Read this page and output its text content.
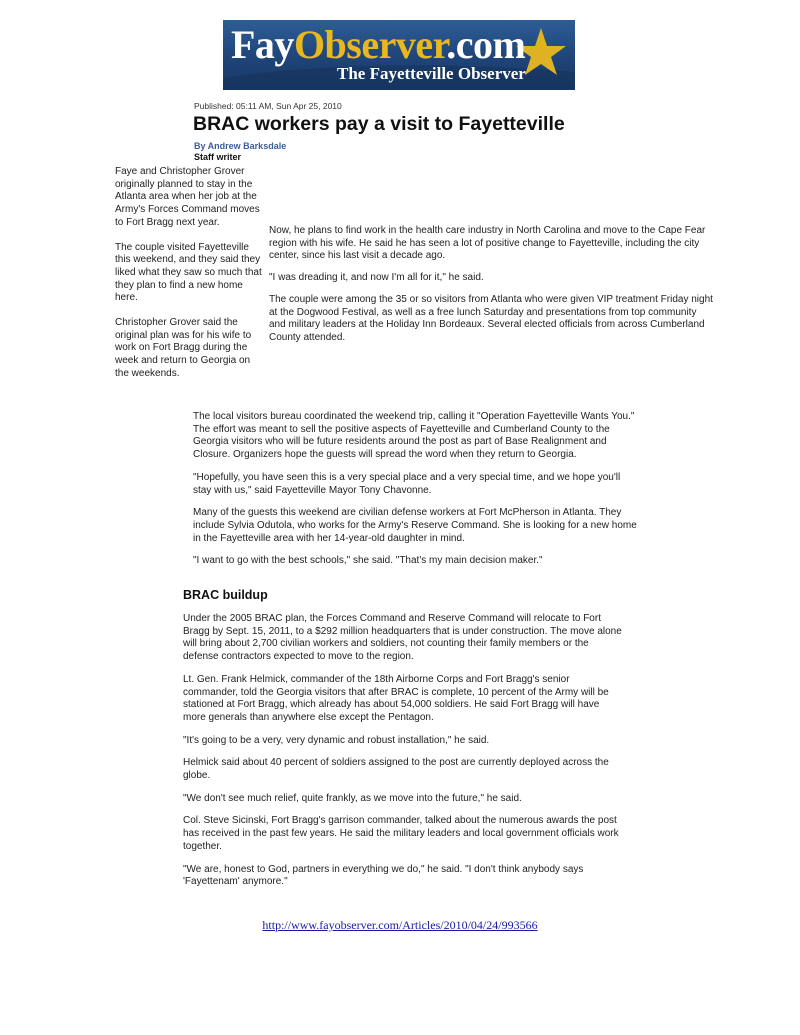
FayObserver.com
The Fayetteville Observer
Published: 05:11 AM, Sun Apr 25, 2010
BRAC workers pay a visit to Fayetteville
By Andrew Barksdale
Staff writer

Faye and Christopher Grover originally planned to stay in the Atlanta area when her job at the Army's Forces Command moves to Fort Bragg next year.

The couple visited Fayetteville this weekend, and they said they liked what they saw so much that they plan to find a new home here.

Christopher Grover said the original plan was for his wife to work on Fort Bragg during the week and return to Georgia on the weekends.

Now, he plans to find work in the health care industry in North Carolina and move to the Cape Fear region with his wife. He said he has seen a lot of positive change to Fayetteville, including the city center, since his last visit a decade ago.

"I was dreading it, and now I'm all for it," he said.

The couple were among the 35 or so visitors from Atlanta who were given VIP treatment Friday night at the Dogwood Festival, as well as a free lunch Saturday and presentations from top community and military leaders at the Holiday Inn Bordeaux. Several elected officials from across Cumberland County attended.

The local visitors bureau coordinated the weekend trip, calling it "Operation Fayetteville Wants You." The effort was meant to sell the positive aspects of Fayetteville and Cumberland County to the Georgia visitors who will be future residents around the post as part of Base Realignment and Closure. Organizers hope the guests will spread the word when they return to Georgia.

"Hopefully, you have seen this is a very special place and a very special time, and we hope you'll stay with us," said Fayetteville Mayor Tony Chavonne.

Many of the guests this weekend are civilian defense workers at Fort McPherson in Atlanta. They include Sylvia Odutola, who works for the Army's Reserve Command. She is looking for a new home in the Fayetteville area with her 14-year-old daughter in mind.

"I want to go with the best schools," she said. "That's my main decision maker."

BRAC buildup

Under the 2005 BRAC plan, the Forces Command and Reserve Command will relocate to Fort Bragg by Sept. 15, 2011, to a $292 million headquarters that is under construction. The move alone will bring about 2,700 civilian workers and soldiers, not counting their family members or the defense contractors expected to move to the region.

Lt. Gen. Frank Helmick, commander of the 18th Airborne Corps and Fort Bragg's senior commander, told the Georgia visitors that after BRAC is complete, 10 percent of the Army will be stationed at Fort Bragg, which already has about 54,000 soldiers. He said Fort Bragg will have more generals than anywhere else except the Pentagon.

"It's going to be a very, very dynamic and robust installation," he said.

Helmick said about 40 percent of soldiers assigned to the post are currently deployed across the globe.

"We don't see much relief, quite frankly, as we move into the future," he said.

Col. Steve Sicinski, Fort Bragg's garrison commander, talked about the numerous awards the post has received in the past few years. He said the military leaders and local government officials work together.

"We are, honest to God, partners in everything we do," he said. "I don't think anybody says 'Fayettenam' anymore."

http://www.fayobserver.com/Articles/2010/04/24/993566
